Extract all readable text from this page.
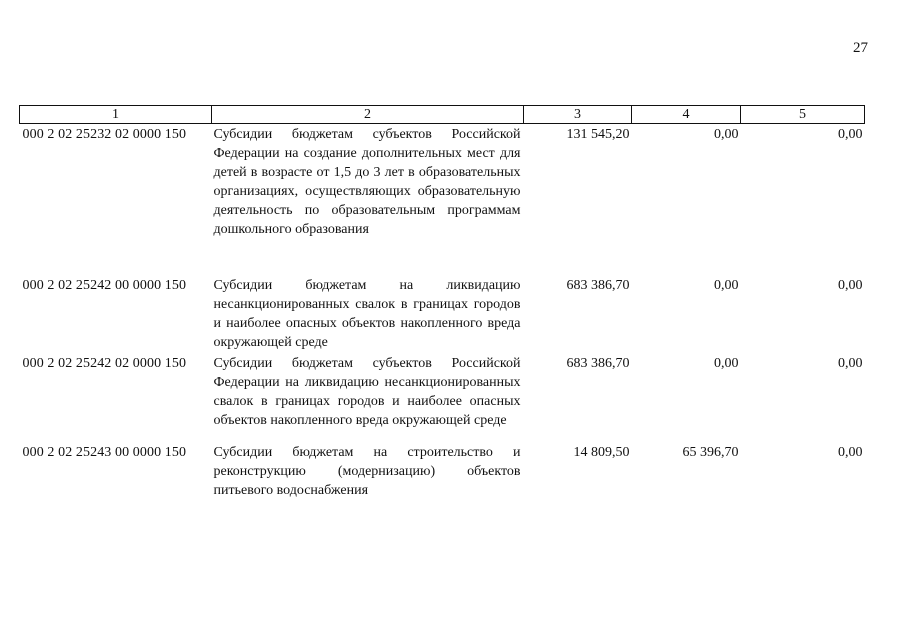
27
1	2	3	4	5
000 2 02 25232 02 0000 150	Субсидии бюджетам субъектов Российской Федерации на создание дополнительных мест для детей в возрасте от 1,5 до 3 лет в образовательных организациях, осуществляющих образовательную деятельность по образовательным программам дошкольного образования	131 545,20	0,00	0,00
000 2 02 25242 00 0000 150	Субсидии бюджетам на ликвидацию несанкционированных свалок в границах городов и наиболее опасных объектов накопленного вреда окружающей среде	683 386,70	0,00	0,00
000 2 02 25242 02 0000 150	Субсидии бюджетам субъектов Российской Федерации на ликвидацию несанкционированных свалок в границах городов и наиболее опасных объектов накопленного вреда окружающей среде	683 386,70	0,00	0,00
000 2 02 25243 00 0000 150	Субсидии бюджетам на строительство и реконструкцию (модернизацию) объектов питьевого водоснабжения	14 809,50	65 396,70	0,00
